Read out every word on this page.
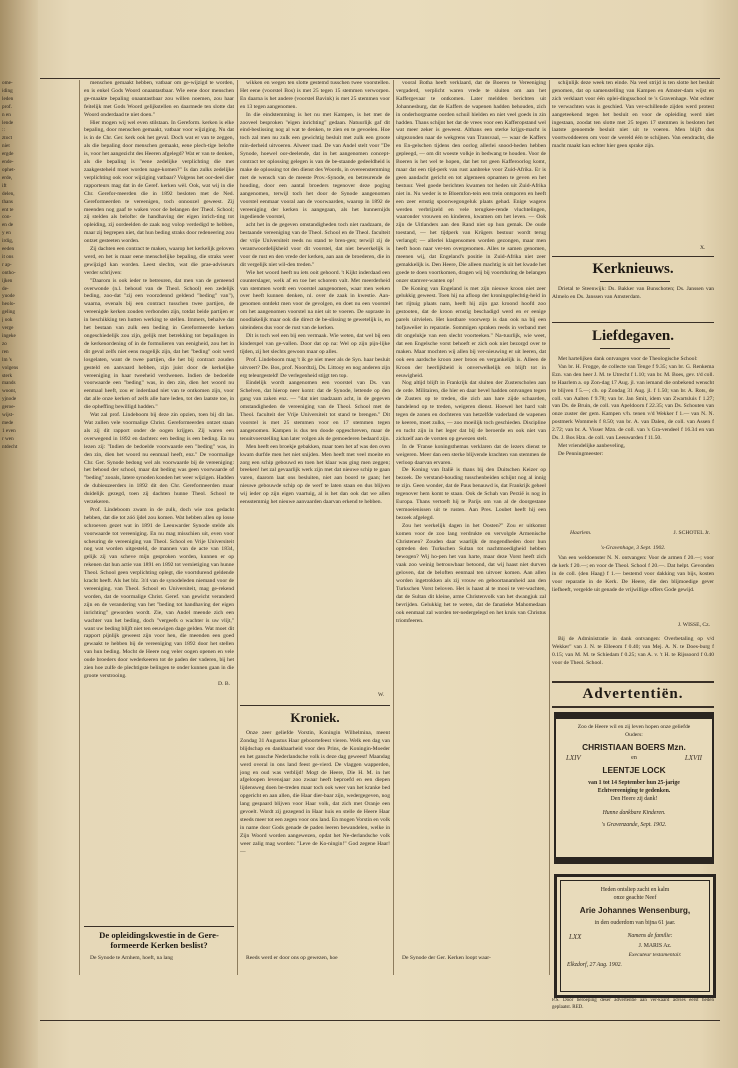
ome-
iding
leden
prof.
n en
lende
::
ztoct
niet
ergde
ende-
ophet-
erde,
ift
delen,
thans
ent te
con-
en de
y en
irdig,
eeden
it ons
r ap-
ontho-
ijken
de-
yuode
heolo-
geling
j ook
verge
ingeke
zo
ren
lm 's
volgens
sterk
mands
woont,
yjnode
geroe-
wijst-
mede
1 even
r wen
ntdecht

menschen gemaakt hebben, vatbaar om ge-wijzigd te worden, en is enkel Gods Woord onaantastbaar. Wie eene door menschen ge-maakte bepaling onaantastbaar zou willen noemen, zou haar feitelijk met Gods Woord gelijkstellen en daarmede ten slotte dat Woord onderdaad te niet doen."

Hier mogen wij wel even stilstaan. In Gereform. kerken is elke bepaling, door menschen gemaakt, vatbaar voor wijziging. Nu dat is in de Chr. Ger. kerk ook het geval. Doch wat er van te zeggen, als die bepaling door menschen gemaakt, eene plech-tige belofte is, voor het aangezicht des Heeren afgelegd? Wat er van te denken, als die bepaling is "eene zedelijke verplichting die met zaakgesteheid moet worden nage-komen?" Is dan zulks zedelijke verplichting ook voor wijziging vatbaar? Volgens het oor-deel dier rapporteurs mag dat in de Geref. kerken wèl. Ook, wat wij in die Chr. Gerefor-meerden die in 1892 besloten met de Ned. Gereformeerden te vereenigen, toch onnoozel geweest. Zij meenden nog gaaf te waken voor de belangen der Theol. School; zij stelden als belofte: de handhaving der eigen inrich-ting tot opleiding, zij oordeelden de zaak nog volop verdedigd te hebben, maar zij begrepen niet, dat hun beding straks door redeneering zou ontzet gesteeten worden.

Zij dachten een contract te maken, waarop het kerkelijk geloven werd, en het is maar eene menschelijke bepaling, die straks weer gewijzigd kan worden. Leest slechts, wat die prae-adviseurs verder schrijven:

"Daarom is ook ieder te betreuren, dat men van de gemeend overwonde (n.l. behoud van de Theol. School) een zedelijk beding, zoo-dat "zij een voorzdennd geldend "beding" van"), waarna, evenals bij een contract tusschen twee partijen, de vereenigde kerken zouden verbonden zijn, totdat beide partijen er in beschikking ten hutten werking te stellen. Immers, behalve dat het bestaan van zulk een beding in Gereformeerde kerken ongeschiedelijk zou zijn, gelijk met betrekking tot bepalingen in de kerkenordening of in de formulieren van eenigheid, zou het in dit geval zelfs niet eens mogelijk zijn, dat het "beding" ooit werd losgelaten, want de twee partijen, die het bij contract zouden gesteld en aanvaard hebben, zijn juist door de kerkelijke vereeniging in haar tweeheid verdwenen. Indien de bedoelde voorwaarde een "beding" was, in den zin, dien het woord nu eenmaal heeft, zou er inderdaad niet van te ontkomen zijn, voor dat alle onze kerken of zelfs alle hare leden, tot den laatste toe, in die opheffing bewilligd hadden."

Wat zal prof. Lindeboom bij deze zin opzien, toen bij dit las. Wat zullen vele voormalige Christ. Gereformeerden ontzet staan als zij dit rapport onder de oogen krijgen. Zij waren een overwegend in 1892 en dachten: een beding is een beding. En nu lezen zij: "Indien de bedoelde voorwaarde een "beding" was, in den zin, dien het woord nu eenmaal heeft, enz." De voormalige Chr. Ger. Synode bedong wel als voorwaarde bij de vereeniging: het behoud der school, maar dat beding was geen voorwaarde of "beding" zooals, latere synoden konden het weer wijzigen. Hadden de dubieuzeerders in 1892 dit den Chr. Gereformeerden maar duidelijk gezegd, toen zij dachten hunne Theol. School te verzekeren.

Prof. Lindeboom zwam in de zulk, doch wie zou gedacht hebben, dat die tot zóó ijdel zou komen. Wat hebben allen op losse schroeven gezet wat in 1891 de Leeuwarder Synode stelde als voorwaarde tot vereeniging. En nu mag misschien uit, even voor scheuring de vereeniging van Theol. School en Vrije Universiteit nog wat worden uitgesteld, de mannen van de acte van 1834, gelijk zij van scheve mijn gesproken worden, kunnen er op rekenen dat hun actie van 1891 en 1892 tot vernietiging van hunne Theol. School geen verplichting oplegt, die voortdurend geldende kracht heeft. Als het blz. 3/4 van de synodeleden niemand voor de vereeniging. van Theol. School en Universiteit, mag ge-rekend worden, dat de voormalige Christ. Geref. van gewicht veranderd zijn en de verandering van het "beding tot handhaving der eigen inrichting" geworden wordt. Zie, van Andel meende zich een wachter van het beding, doch "vergeefs o wachter is uw vlijt," want uw beding blijft niet ten eeuwigen dage gelden. Wat moet dit rapport pijnlijk geweest zijn voor hen, die meenden een goed gewaakt te hebben bij de vereeniging van 1892 door het stellen van hun beding. Mocht de Heere nog veler oogen openen en vele oude broeders door wederkeeren tot de paden der vaderen, bij het zien hoe zulfe de plechtigste belingen te onder kunnen gaan in die groote verstrooing.

D. B.
De opleidingskwestie in de Gere-formeerde Kerken beslist?
De Synode te Arnhem, hoeft, na lang

wikken en wegen ten slotte gestemd tusschen twee voorstellen. Het eene (voorstel Bos) is met 25 tegen 15 stemmen verworpen. En daarna is het andere (voorstel Bavink) is met 25 stemmen voor en 13 tegen aangenomen.

In die eindstemming is het nu met Kampen, is het met de zooveel besproken "eigen inrichting" gedaan. Natuurlijk gaf dit eind-beslissing nog al wat te denken, te zien en te gevoelen. Hoe toch zal men nu zulk een gewichtig besluit met zulk een groote min-derheid uitvoeren. Alweer raad. De van Andel stelt voor "De Synode, hoewel oor-deelende, dat in het aangenomen concept-contract ter oplossing gelegen is van de be-staande gedeeldheid is make de oplossing tot den dienst des Woords, in overeenstemming met de wensch van de meeste Prov.-Synode, en betreurende de houding, door een aantal broeders tegenover deze poging aangenomen, terwijl toch het door de Synode aangenomen voorstel eenmaar vooral aan de voorwaarden, waarop in 1892 de vereeniging der kerken is aangegaan, als het hunnernijds ingediende voorstel,

acht het in de gegeven omstandigheden toch niet raadzaam, de bestaande vereeniging van de Theol. School en de Theol. faculteit der vrije Universiteit reeds nu stand te bren-gen; terwijl zij de verantwoordelijkheid voor dit voorstel, dat niet bewerkelijk is voor de rust en den vrede der kerken, aan aan de broederen, die in dit vergelijk niet wil-den treden."

Wie het woord heeft nu iets ooit gehoord. 't Kijkt inderdaad een counterslager, welk af en toe het schorem valt. Met meerderheid van stemmen wordt een voorstel aangenomen, waar men weken over heeft kunnen denken, nl. over de zaak in kwestie. Aan-genomen ontdekt men voor de gevolgen, en doet nu een voorstel om het aangenomen voorstel na niet uit te voeren. De sopraste in noodlakelijk maar ook die direct de be-slissing te gewetelijk is, en uiteindens dus voor de rust van de kerken.

Dit is toch wel een bij een vermaak. Wie weten, dat wel bij een kinderspel van ge-vallen. Door dat op na: Wel op zijn pijn-lijke tijden, zij het slechts gewoon maar op alles.

Prof. Lindeboom mag 't ik ge niet meer als de Syn. haar besluit uitvoert? De. Bos, prof. Noordtzij, Ds. Littooy en nog anderen zijn erg teleurgesteld! De verlegenheid stijgt ten top.

Eindelijk wordt aangenomen een voorstel van Ds. van Schelven, dat hierop neer komt: dat de Synode, lettende op den gang van zaken enz. — "dat niet raadzaam acht, in de gegeven omstandigheden de vereeniging van de Theol. School met de Theol. faculteit der Vrije Universiteit tot stand te brengen." Dit voorstel is met 25 stemmen voor en 17 stemmen tegen aangenomen. Kampen is dus ten doode opgeschreven, maar de tenuitvoerstelling kan later volgen als de gemoederen bedaard zijn.

Men heeft een broekje gebakken, maar toen het af was den oven kwam durfde men het niet snijden. Men heeft met veel moeite en zorg een schip gebouwd en toen het klaar was ging men zeggen; breeken! het zal gevaarlijk werk zijn met dat nieuwe schip te gaan varen, daarom laat ons besluiten, niet aan boord te gaan; het nieuwe gebouwde schip op de werf te laten staan en dus blijven wij ieder op zijn eigen vaartuig, al is het dan ook dat we allen eensstemmig het nieuwe aanvaarden daarvan erkend te hebben.

W.
Kroniek.

Onze zeer geliefde Vorstin, Koningin Wilhelmina, meent Zondag 31 Augustus Haar geboortefeest vieren. Welk een dag van blijdschap en dankbaarheid voor den Prins, de Koningin-Moeder en het gansche Nederlandsche volk is deze dag geweest! Maandag werd overal in ons land feest ge-vierd. De vlaggen wapperden, jong en oud was verblijd! Mogt de Heere, Die H. M. in het afgeloopen levensjaar zoo zwaar heeft beproefd en een diepen lijdensweg doen be-treden maar toch ook weer van het kranke bed opgericht en aan allen, die Haar dier-baar zijn, wedergegeven, nog lang gespaard blijven voor Haar volk, dat zich met Oranje een gevoelt. Wordt zij gezegend in Haar huis en stelle de Heere Haar steeds meer tot een zegen voor ons land. En mogen Vorstin en volk in name door Gods genade de paden leeren bewandelen, welke in Zijn Woord worden aangewezen, opdat het Ne-derlandsche volk weer zalig mag worden: "Leve de Ko-ningin!" God zegene Haar! —

Reeds werd er door ons op gewezen, hoe

vooral Botha heeft verklaard, dat de Boeren te Vereeniging vergaderd, verplicht waren vrede te sluiten om aan het Kaffergevaar te ontkomen. Later meldden berichten uit Johannesburg, dat de Kaffers de wapenen hadden behouden, zich in onderhorgname oorden schuil hielden en niet veel goeds in zin hadden. Thans schijnt het dat de vrees voor een Kafferopstand wel wat meer zeker is geweest. Althans een sterke krijgs-macht is uitgezonden naar de wekgrens van Transvaal, — waar de Kaffers en En-gelschen tijdens den oorlog allerlei snood-heden hebben gepleegd, — om dit woeste volkje in bedwang te houden. Voor de Boeren is het wel te hopen, dat het tot geen Kafferoorlog komt, maar dat een tijd-perk van rust aanbreke voor Zuid-Afrika. Er is geen aandacht gericht en tot algemeen opnamen te geven en het bestuur. Veel goede berichten kwamen tot heden uit Zuid-Afrika niet in. Nu weder is te Bloemfon-tein een trein ontsporen en heeft een zeer ernstig spoorwegongeluk plaats gehad. Enige wagens werden verbrijzeld en vele terugkee-rende vluchtelingen, waaronder vrouwen en kinderen, kwamen om het leven. — Ook zijn de Uitlanders aan den Rand niet op hun gemak. De oude toestand, — het tijdperk van Krügers bestuur wordt terug verlangd; — allerlei klagensomen worden gezongen, maar men heeft hoon naar ver-ten overgenomen. Alles te samen genomen, meenen wij, dat Engeland's positie in Zuid-Afrika niet zeer gemakkelijk is. Den Heere, Die alleen machtig is uit het kwade het goede te doen voortkomen, dragen wij bij voortduring de belangen onzer stamver-wanten op!

De Koning van Engeland is met zijn nieuwe kroon niet zeer gelukkig geweest. Toen hij na afloop der kroningsplechtig-heid in het rijtuig plaats nam, heeft hij zijn gaz kroond hoofd zoo gestooten, dat de kroon ernstig beschadigd werd en er eenige parels uitvielen. Het kostbare voorwerp is dan ook na bij een hofjuwelier in reparatie. Sommigen spraken reeds in verband met dit ongelukje van een slecht voorteeken." Na-tuurlijk, wie weet, dat een Engelsche vorst behoeft er zich ook niet bezorgd over te maken. Maar mochten wij allen bij ver-nieuwing er uit leeren, dat ook een aardsche kroon zeer broos en vergankelijk is. Alleen de Kroon der heerlijkheid is onverwelkelijk en blijft tot in eeuwigheid.

Nog altijd blijft in Frankrijk dat sluiten der Zusterscholen aan de orde. Militairen, die hier en daar bevel hadden ontvangen tegen de Zusters op te treden, die zich aan hare zijde schaarden, handelend op te treden, weigeren dienst. Hoewel het hard valt tegen de zonen en dochteren van hetzelfde vaderland de wapenen te keeren, moet zulks, — zoo moeilijk toch geschieden. Discipline en tucht zijn in het leger dat bij de beroerde en ook niet van zichzelf aan de vorsten op gewezen stelt.

In de 'Franse koningsthemas verklaren dat de lezers dienst te weigeren. Meer dan een sterke blijvende krachten van stemmen de verloop daarvan ervaren.

De Koning van Italië is thans bij den Duitschen Keizer op bezoek. De verstand-houding tusschenbeiden schijnt nog al innig te zijn. Geen wonder, dat de Paus benauwd is, dat Frankrijk geheel tegenover hem komt te staan. Ook de Schah van Perzië is nog in Europa. Thans vertoeft hij te Parijs om van al de doorgestane vermoeienissen uit te rusten. Aan Pres. Loubet heeft hij een bezoek afgelegd.

Zou het werkelijk dagen in het Oosten?" Zou er uitkomst komen voor de zoo lang verdrukte en vervolgde Armenische Christenen? Zouden daar waarlijk de mogendheden door hun optreden den Turkschen Sultan tot nachtmoedigheid hebben bewogen? Wij ho-pen het van harte, maar deze Vorst heeft zich vaak zoo weinig betrouwbaar betoond, dat wij haast niet durven geloven, dat de beloften eenmaal ten uitvoer komen. Aan allen worden ingetrokken als zij vrouw en geboortanamheid aan den Turkschen Vorst beloven. Het is haast al te mooi te ver-wachten, dat de Sultan dit kleine, arme Christenvolk van het dwangjuk zal bevrijden. Gelukkig het te weten, dat de fanatieke Mahomedaan ook eenmaal zal worden ter-nedergelegd en het kruis van Christus triomfeeren.

De Synode der Ger. Kerken loopt waar-

schijnlijk deze week ten einde. Na veel strijd is ten slotte het besluit genomen, dat op samenstelling van Kampen en Amster-dam wijst en zich verklaart voor één oplei-dingsschool te 's Gravenhage. Wat echter te verwachten was is geschied. Van ver-schillende zijden werd protest aangeteekend tegen het besluit en voor de opleiding werd niet ingestaan, zoodat ten slotte met 25 tegen 17 stemmen is besloten het laatste genoemde besluit niet uit te voeren. Men blijft dus voortwoddeeren om voor de wereld één te schijnen. Van eendracht, die macht maakt kan echter hier geen sprake zijn.

X.
Kerknieuws.
Drietal te Steenwijk: Ds. Bakker van Bunschoten; Ds. Janssen van Almelo en Ds. Janssen van Amsterdam.
Liefdegaven.

Met hartelijken dank ontvangen voor de Theologische School:

Van br. H. Frogge, de collecte van Tenge f 9.35; van br. G. Renkema Ezn. van den heer J. M. te Utrecht f 1.10; van br. M. Boes, gev. t/d coll. te Haarlem a. op Zon-dag 17 Aug. jl. van iemand die onbekend wenscht te blijven f 5.—; ch. op Zondag 31 Aug. jl. f 1.50; van br. A. Rots, de coll. van Aalten f 9.78; van br. Jan Smit, idem van Zwartsluis f 1.27; van Ds. de Bruin, de coll. van Apeldoorn f 22.35; van Ds. Schouten van onze zuster der gem. Kampen v/h. tenen v/d Wekker f 1.— van N. N. postmerk Wommels f 8.50; van br. A. van Dalen, de coll. van Assen f 2.72; van br. A. Visser Mzn. de coll. van 's Gra-vendeel f 16.34 en van Ds. J. Bos Hzn. de coll. van Leeuwarden f 11.50.

Met vriendelijke aanbeveling,

De Penningmeester:

Haarlem.	J. SCHOTEL Jr.
's-Gravenhage, 3 Sept. 1902.
Van een weldoenster N. N. ontvangen: Voor de armen f 20.—; voor de kerk f 20.—; en voor de Theol. School f 20.—. Dat helpt. Gevonden in de coll. (den Haag) f 1.— bestemd voor dakking van bijs, kosten voor reparatie in de Kerk. De Heere, die den blijmoedige gever liefheeft, vergelde uit genade de vrijwillige offers Gode gewijd.
J. WISSE, Cz.
Bij de Administratie in dank ontvangen: Overbetaling op v/d Wekker" van J. N. te Elleeom f 0.40; van Mej. A. N. te Does-burg f 0.15; van M. M. te Schiedam f 0.25; van A. v. 't H. te Rijssoord f 0.40 voor de Theol. School.
Advertentiën.
Zoo de Heere wil en zij leven hopen onze geliefde Ouders:
CHRISTIAAN BOERS Mzn.
en
LEENTJE LOCK
LXIV	LXVII
van 1 tot 14 September hun 25-jarige
Echtvereeniging te gedenken.
Den Heere zij dank!
Hunne dankbare Kinderen.
's Gravenzande, Sept. 1902.
Heden ontsliep zacht en kalm
onze geachte Neef
Arie Johannes Wensenburg,
in den ouderdom van bijna 61 jaar.
LXX	Namens de familie:
J. MARIS Az.
Executeur testamentair.
Elkzdorf, 27 Aug. 1902.
P.S. Door beroeping deser advertentie aan ver-kaard advies eerst heden geplaatst. RED.
